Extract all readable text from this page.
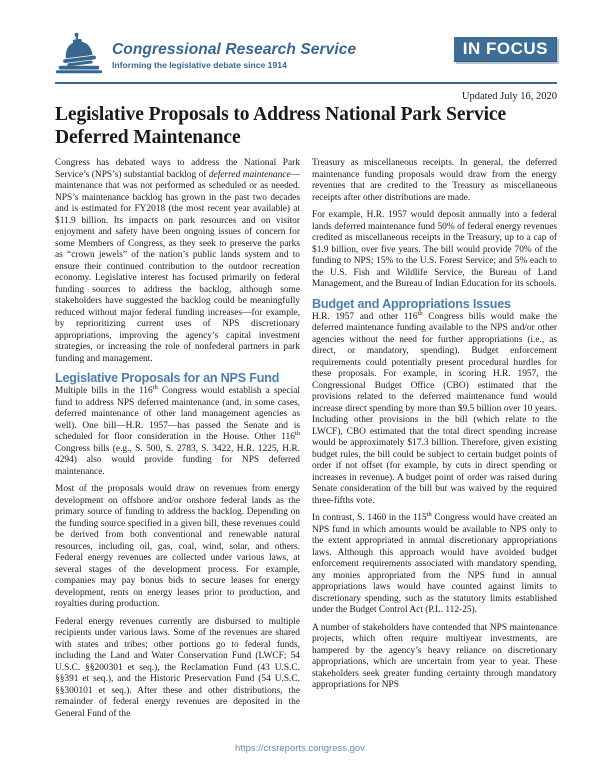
Congressional Research Service
Informing the legislative debate since 1914
IN FOCUS
Updated July 16, 2020
Legislative Proposals to Address National Park Service Deferred Maintenance

Congress has debated ways to address the National Park Service’s (NPS’s) substantial backlog of deferred maintenance—maintenance that was not performed as scheduled or as needed. NPS’s maintenance backlog has grown in the past two decades and is estimated for FY2018 (the most recent year available) at $11.9 billion. Its impacts on park resources and on visitor enjoyment and safety have been ongoing issues of concern for some Members of Congress, as they seek to preserve the parks as “crown jewels” of the nation’s public lands system and to ensure their continued contribution to the outdoor recreation economy. Legislative interest has focused primarily on federal funding sources to address the backlog, although some stakeholders have suggested the backlog could be meaningfully reduced without major federal funding increases—for example, by reprioritizing current uses of NPS discretionary appropriations, improving the agency’s capital investment strategies, or increasing the role of nonfederal partners in park funding and management.

Legislative Proposals for an NPS Fund

Multiple bills in the 116th Congress would establish a special fund to address NPS deferred maintenance (and, in some cases, deferred maintenance of other land management agencies as well). One bill—H.R. 1957—has passed the Senate and is scheduled for floor consideration in the House. Other 116th Congress bills (e.g., S. 500, S. 2783, S. 3422, H.R. 1225, H.R. 4294) also would provide funding for NPS deferred maintenance.

Most of the proposals would draw on revenues from energy development on offshore and/or onshore federal lands as the primary source of funding to address the backlog. Depending on the funding source specified in a given bill, these revenues could be derived from both conventional and renewable natural resources, including oil, gas, coal, wind, solar, and others. Federal energy revenues are collected under various laws, at several stages of the development process. For example, companies may pay bonus bids to secure leases for energy development, rents on energy leases prior to production, and royalties during production.

Federal energy revenues currently are disbursed to multiple recipients under various laws. Some of the revenues are shared with states and tribes; other portions go to federal funds, including the Land and Water Conservation Fund (LWCF; 54 U.S.C. §§200301 et seq.), the Reclamation Fund (43 U.S.C. §§391 et seq.), and the Historic Preservation Fund (54 U.S.C. §§300101 et seq.). After these and other distributions, the remainder of federal energy revenues are deposited in the General Fund of the

Treasury as miscellaneous receipts. In general, the deferred maintenance funding proposals would draw from the energy revenues that are credited to the Treasury as miscellaneous receipts after other distributions are made.

For example, H.R. 1957 would deposit annually into a federal lands deferred maintenance fund 50% of federal energy revenues credited as miscellaneous receipts in the Treasury, up to a cap of $1.9 billion, over five years. The bill would provide 70% of the funding to NPS; 15% to the U.S. Forest Service; and 5% each to the U.S. Fish and Wildlife Service, the Bureau of Land Management, and the Bureau of Indian Education for its schools.

Budget and Appropriations Issues

H.R. 1957 and other 116th Congress bills would make the deferred maintenance funding available to the NPS and/or other agencies without the need for further appropriations (i.e., as direct, or mandatory, spending). Budget enforcement requirements could potentially present procedural hurdles for these proposals. For example, in scoring H.R. 1957, the Congressional Budget Office (CBO) estimated that the provisions related to the deferred maintenance fund would increase direct spending by more than $9.5 billion over 10 years. Including other provisions in the bill (which relate to the LWCF), CBO estimated that the total direct spending increase would be approximately $17.3 billion. Therefore, given existing budget rules, the bill could be subject to certain budget points of order if not offset (for example, by cuts in direct spending or increases in revenue). A budget point of order was raised during Senate consideration of the bill but was waived by the required three-fifths vote.

In contrast, S. 1460 in the 115th Congress would have created an NPS fund in which amounts would be available to NPS only to the extent appropriated in annual discretionary appropriations laws. Although this approach would have avoided budget enforcement requirements associated with mandatory spending, any monies appropriated from the NPS fund in annual appropriations laws would have counted against limits to discretionary spending, such as the statutory limits established under the Budget Control Act (P.L. 112-25).

A number of stakeholders have contended that NPS maintenance projects, which often require multiyear investments, are hampered by the agency’s heavy reliance on discretionary appropriations, which are uncertain from year to year. These stakeholders seek greater funding certainty through mandatory appropriations for NPS

https://crsreports.congress.gov
